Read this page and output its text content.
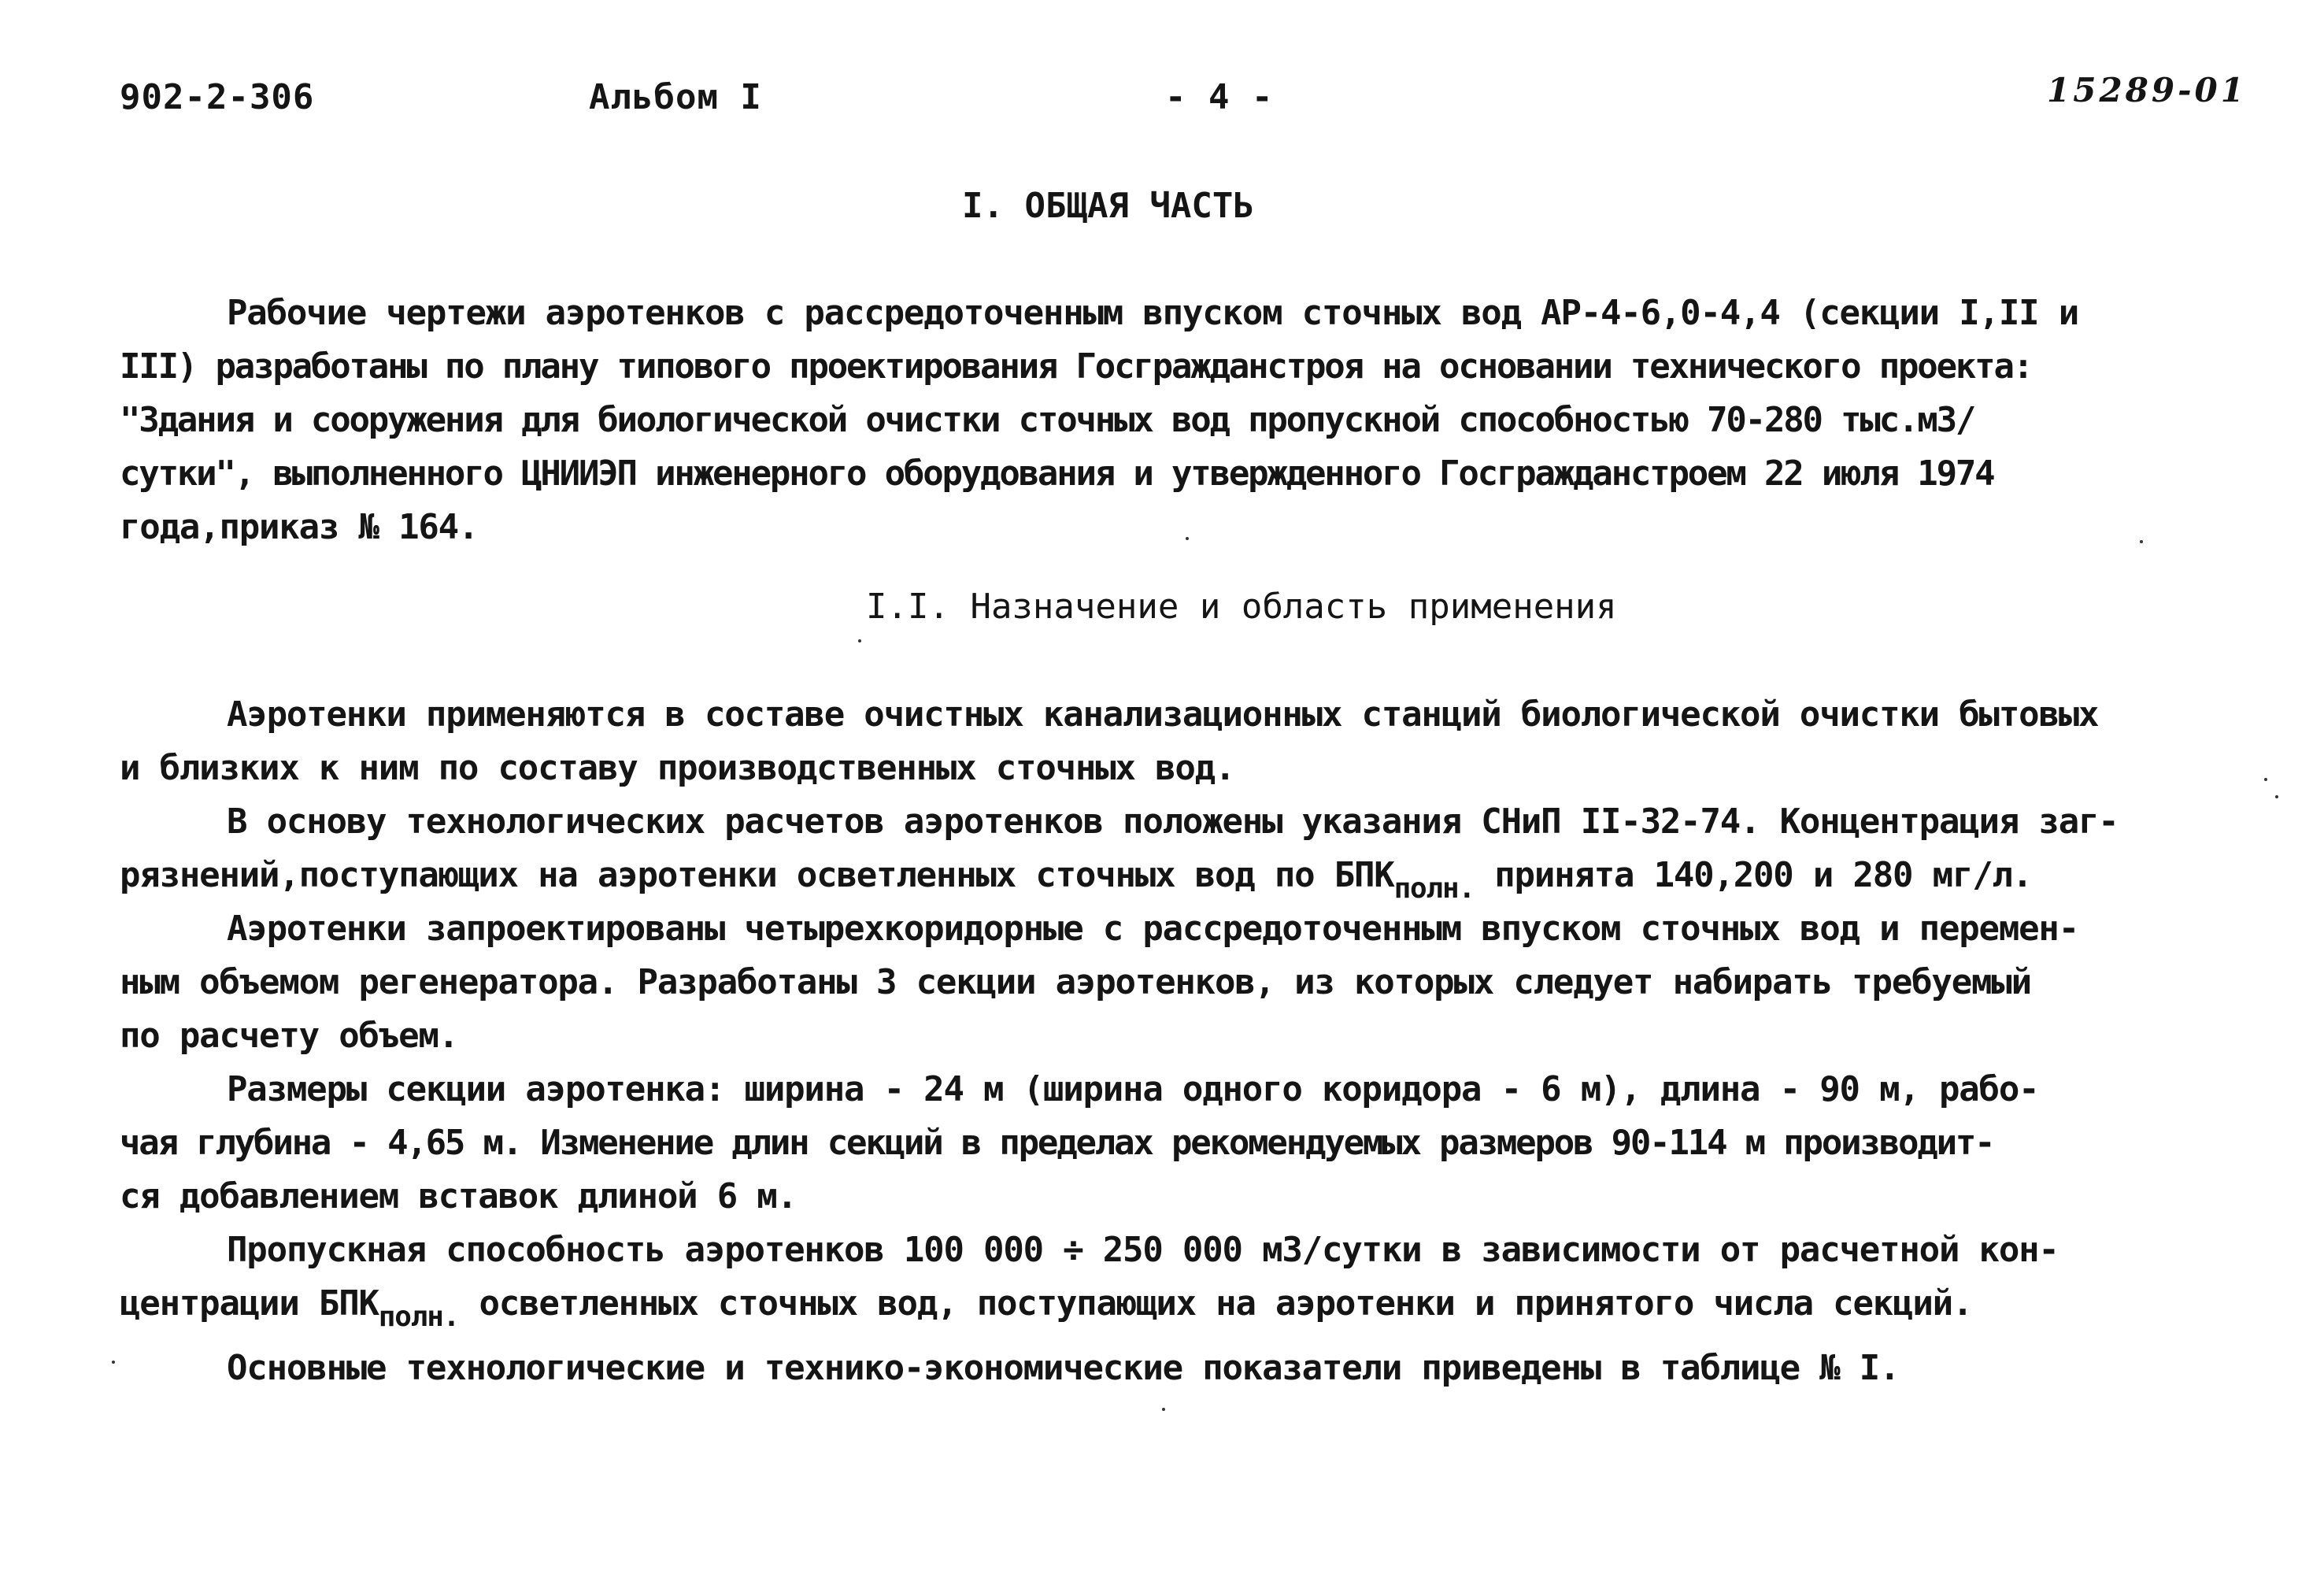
902-2-306	Альбом I	- 4 -	15289-01
I. ОБЩАЯ ЧАСТЬ
Рабочие чертежи аэротенков с рассредоточенным впуском сточных вод АР-4-6,0-4,4 (секции I,II и
III) разработаны по плану типового проектирования Госгражданстроя на основании технического проекта:
"Здания и сооружения для биологической очистки сточных вод пропускной способностью 70-280 тыс.м3/
сутки", выполненного ЦНИИЭП инженерного оборудования и утвержденного Госгражданстроем 22 июля 1974
года,приказ № 164.
I.I. Назначение и область применения
Аэротенки применяются в составе очистных канализационных станций биологической очистки бытовых
и близких к ним по составу производственных сточных вод.
В основу технологических расчетов аэротенков положены указания СНиП II-32-74. Концентрация заг-
рязнений,поступающих на аэротенки осветленных сточных вод по $БПК_{полн.}$ принята 140,200 и 280 мг/л.
Аэротенки запроектированы четырехкоридорные с рассредоточенным впуском сточных вод и перемен-
ным объемом регенератора. Разработаны 3 секции аэротенков, из которых следует набирать требуемый
по расчету объем.
Размеры секции аэротенка: ширина - 24 м (ширина одного коридора - 6 м), длина - 90 м, рабо-
чая глубина - 4,65 м. Изменение длин секций в пределах рекомендуемых размеров 90-114 м производит-
ся добавлением вставок длиной 6 м.
Пропускная способность аэротенков 100 000 ÷ 250 000 м3/сутки в зависимости от расчетной кон-
центрации $БПК_{полн.}$ осветленных сточных вод, поступающих на аэротенки и принятого числа секций.
Основные технологические и технико-экономические показатели приведены в таблице № I.
